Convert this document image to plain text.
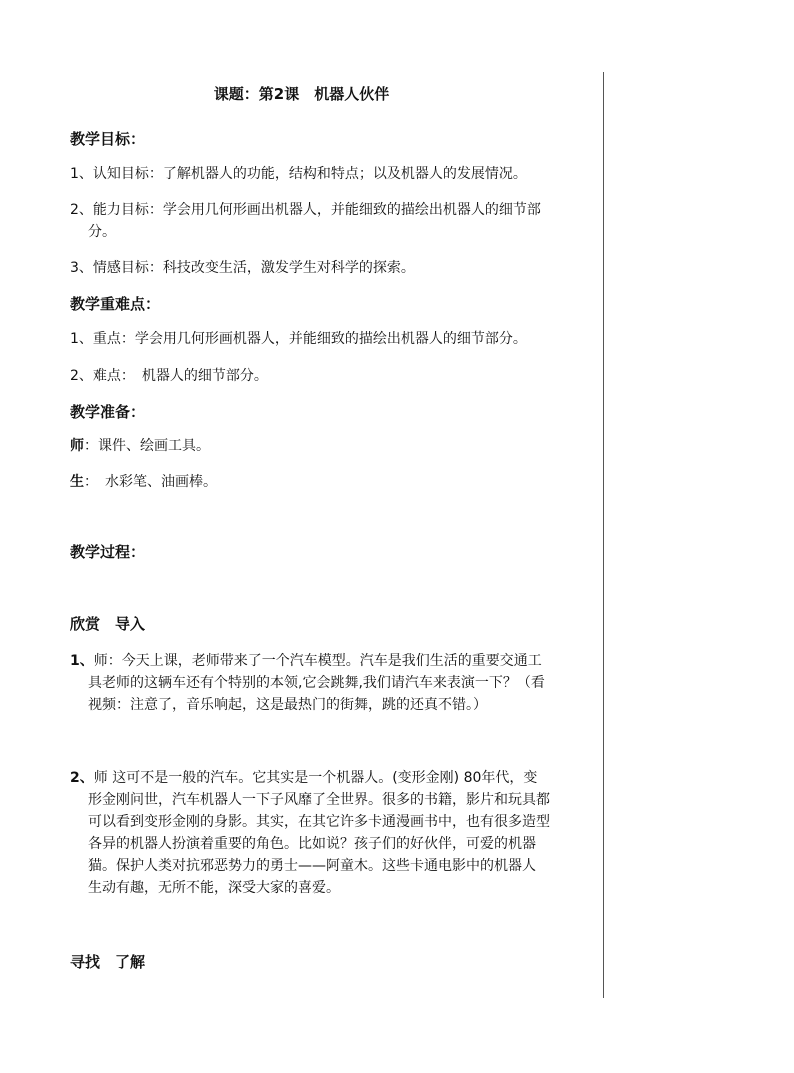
课题：第2课　机器人伙伴
教学目标：
1、认知目标：了解机器人的功能，结构和特点；以及机器人的发展情况。
2、能力目标：学会用几何形画出机器人，并能细致的描绘出机器人的细节部
分。
3、情感目标：科技改变生活，激发学生对科学的探索。
教学重难点：
1、重点：学会用几何形画机器人，并能细致的描绘出机器人的细节部分。
2、难点：　机器人的细节部分。
教学准备：
师：课件、绘画工具。
生：　水彩笔、油画棒。
教学过程：
欣赏　导入
1、师：今天上课，老师带来了一个汽车模型。汽车是我们生活的重要交通工
具老师的这辆车还有个特别的本领,它会跳舞,我们请汽车来表演一下？（看
视频：注意了，音乐响起，这是最热门的街舞，跳的还真不错。）
2、师 这可不是一般的汽车。它其实是一个机器人。(变形金刚) 80年代，变
形金刚问世，汽车机器人一下子风靡了全世界。很多的书籍，影片和玩具都
可以看到变形金刚的身影。其实，在其它许多卡通漫画书中，也有很多造型
各异的机器人扮演着重要的角色。比如说？孩子们的好伙伴，可爱的机器
猫。保护人类对抗邪恶势力的勇士——阿童木。这些卡通电影中的机器人
生动有趣，无所不能，深受大家的喜爱。
寻找　了解
